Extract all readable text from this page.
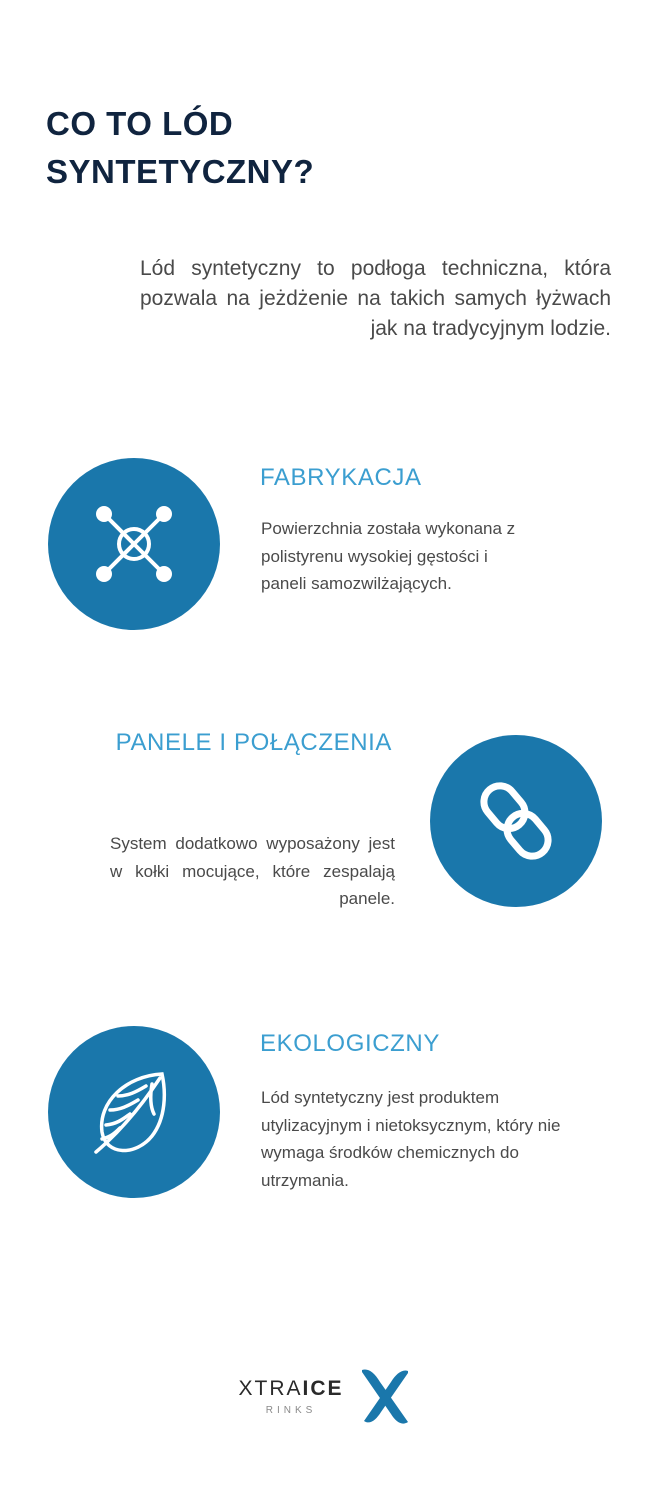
CO TO LÓD
SYNTETYCZNY?

Lód syntetyczny to podłoga techniczna, która pozwala na jeżdżenie na takich samych łyżwach jak na tradycyjnym lodzie.

FABRYKACJA
Powierzchnia została wykonana z polistyrenu wysokiej gęstości i paneli samozwilżających.
PANELE I POŁĄCZENIA
System dodatkowo wyposażony jest w kołki mocujące, które zespalają panele.
EKOLOGICZNY
Lód syntetyczny jest produktem utylizacyjnym i nietoksycznym, który nie wymaga środków chemicznych do utrzymania.
XTRAICE
RINKS
